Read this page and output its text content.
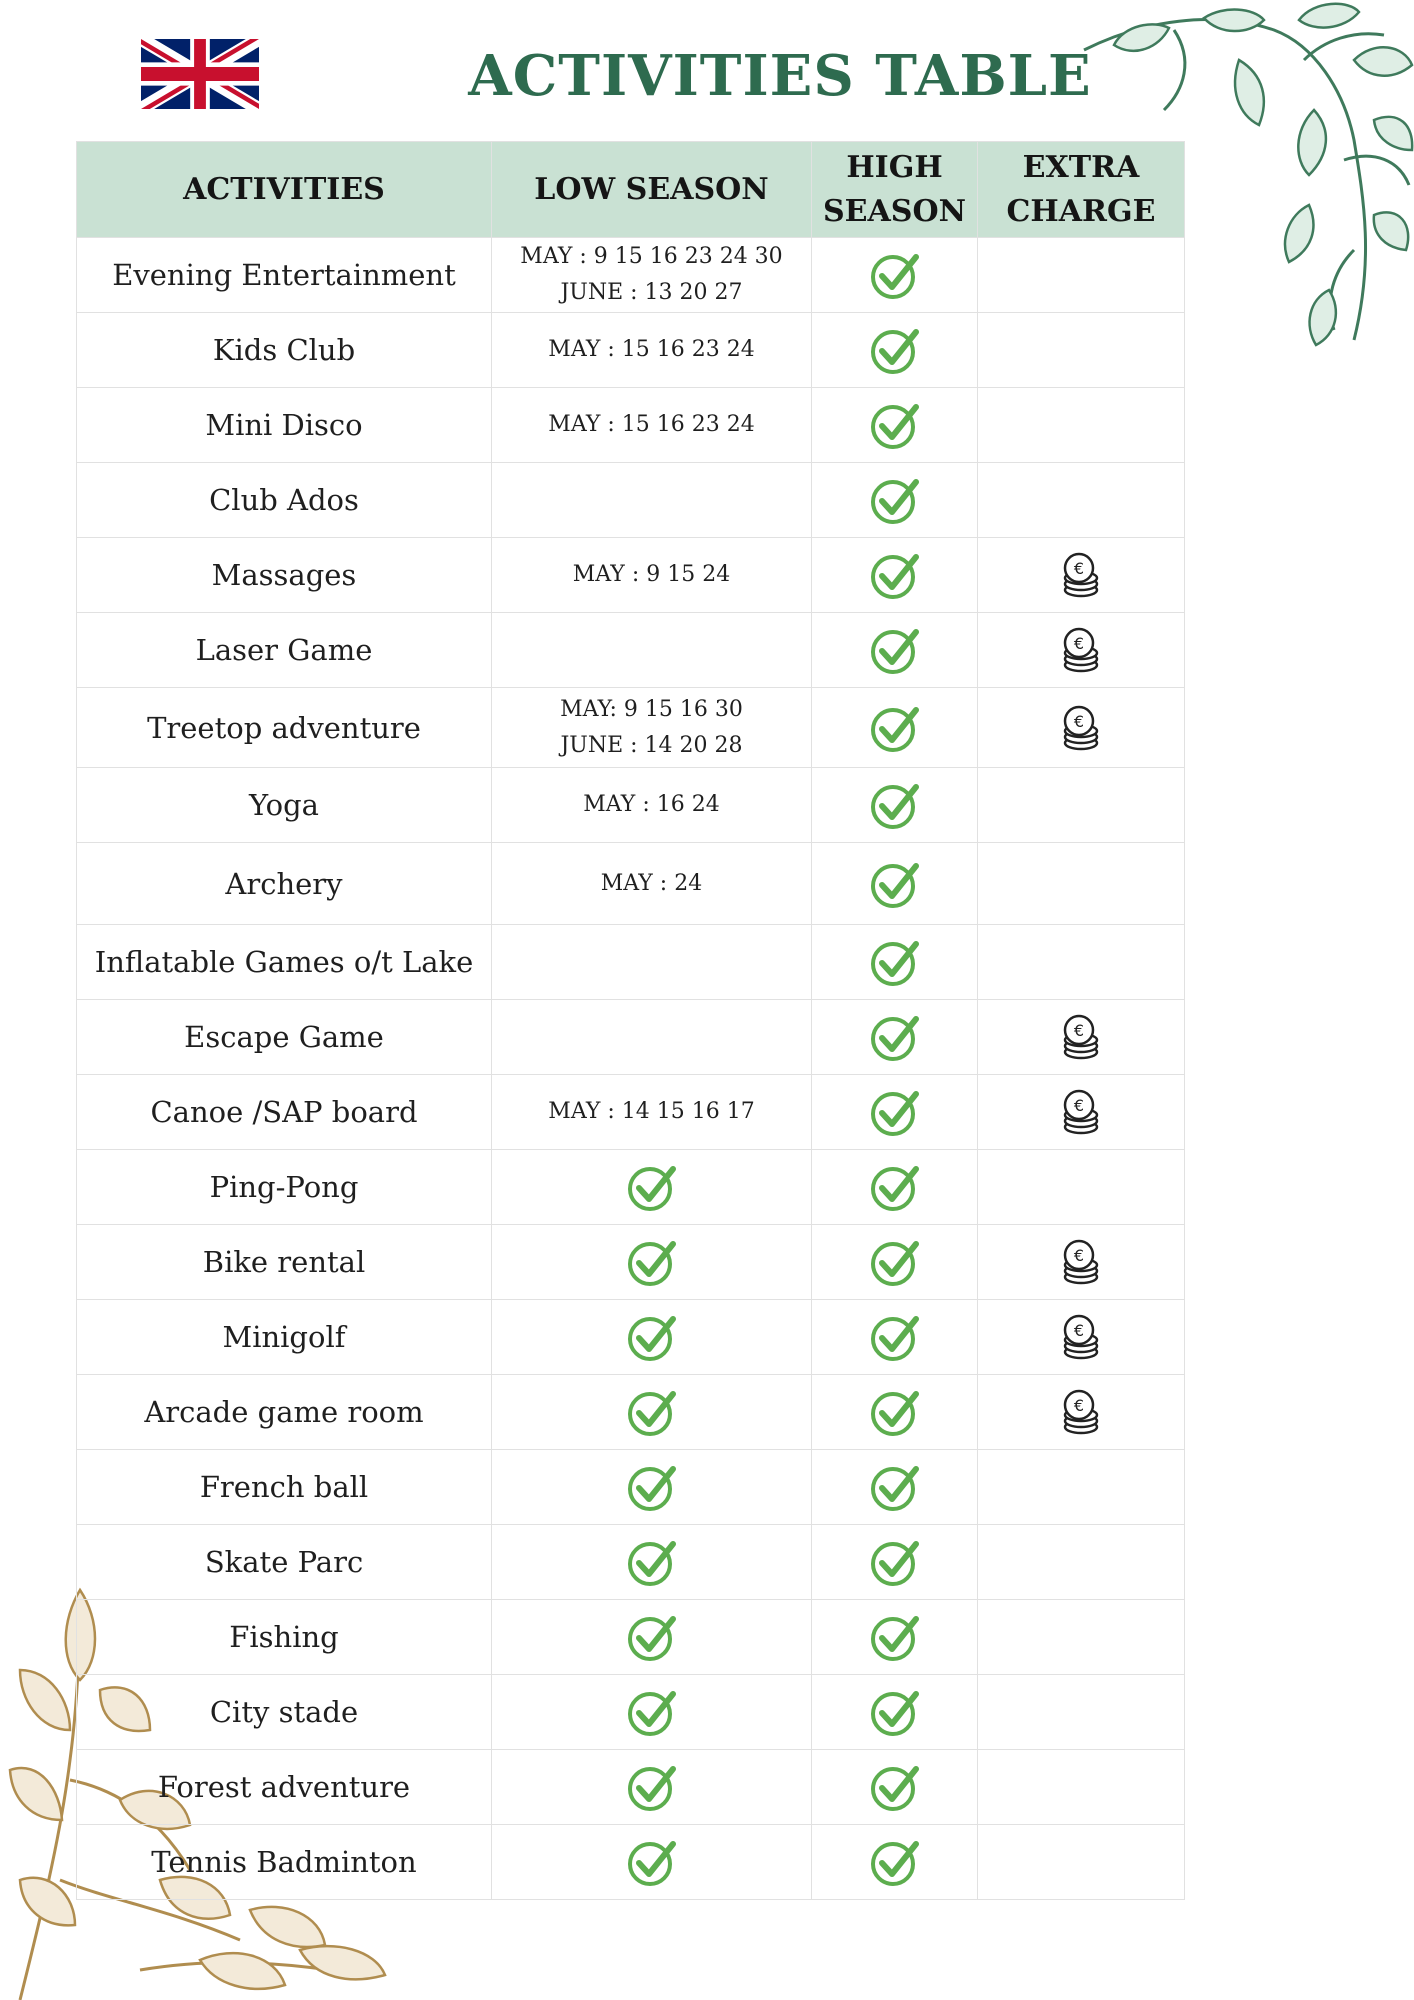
ACTIVITIES TABLE
ACTIVITIES	LOW SEASON	HIGH SEASON	EXTRA CHARGE

Evening Entertainment	MAY : 9 15 16 23 24 30
JUNE : 13 20 27

Kids Club	MAY : 15 16 23 24

Mini Disco	MAY : 15 16 23 24

Club Ados			
Massages	MAY : 9 15 24		€

Laser Game			€

Treetop adventure	MAY: 9 15 16 30
JUNE : 14 20 28		€

Yoga	MAY : 16 24

Archery	MAY : 24

Inflatable Games o/t Lake			
Escape Game			€

Canoe /SAP board	MAY : 14 15 16 17		€

Ping-Pong			
Bike rental			€

Minigolf			€

Arcade game room			€

French ball			
Skate Parc			
Fishing			
City stade			
Forest adventure			
Tennis Badminton			
